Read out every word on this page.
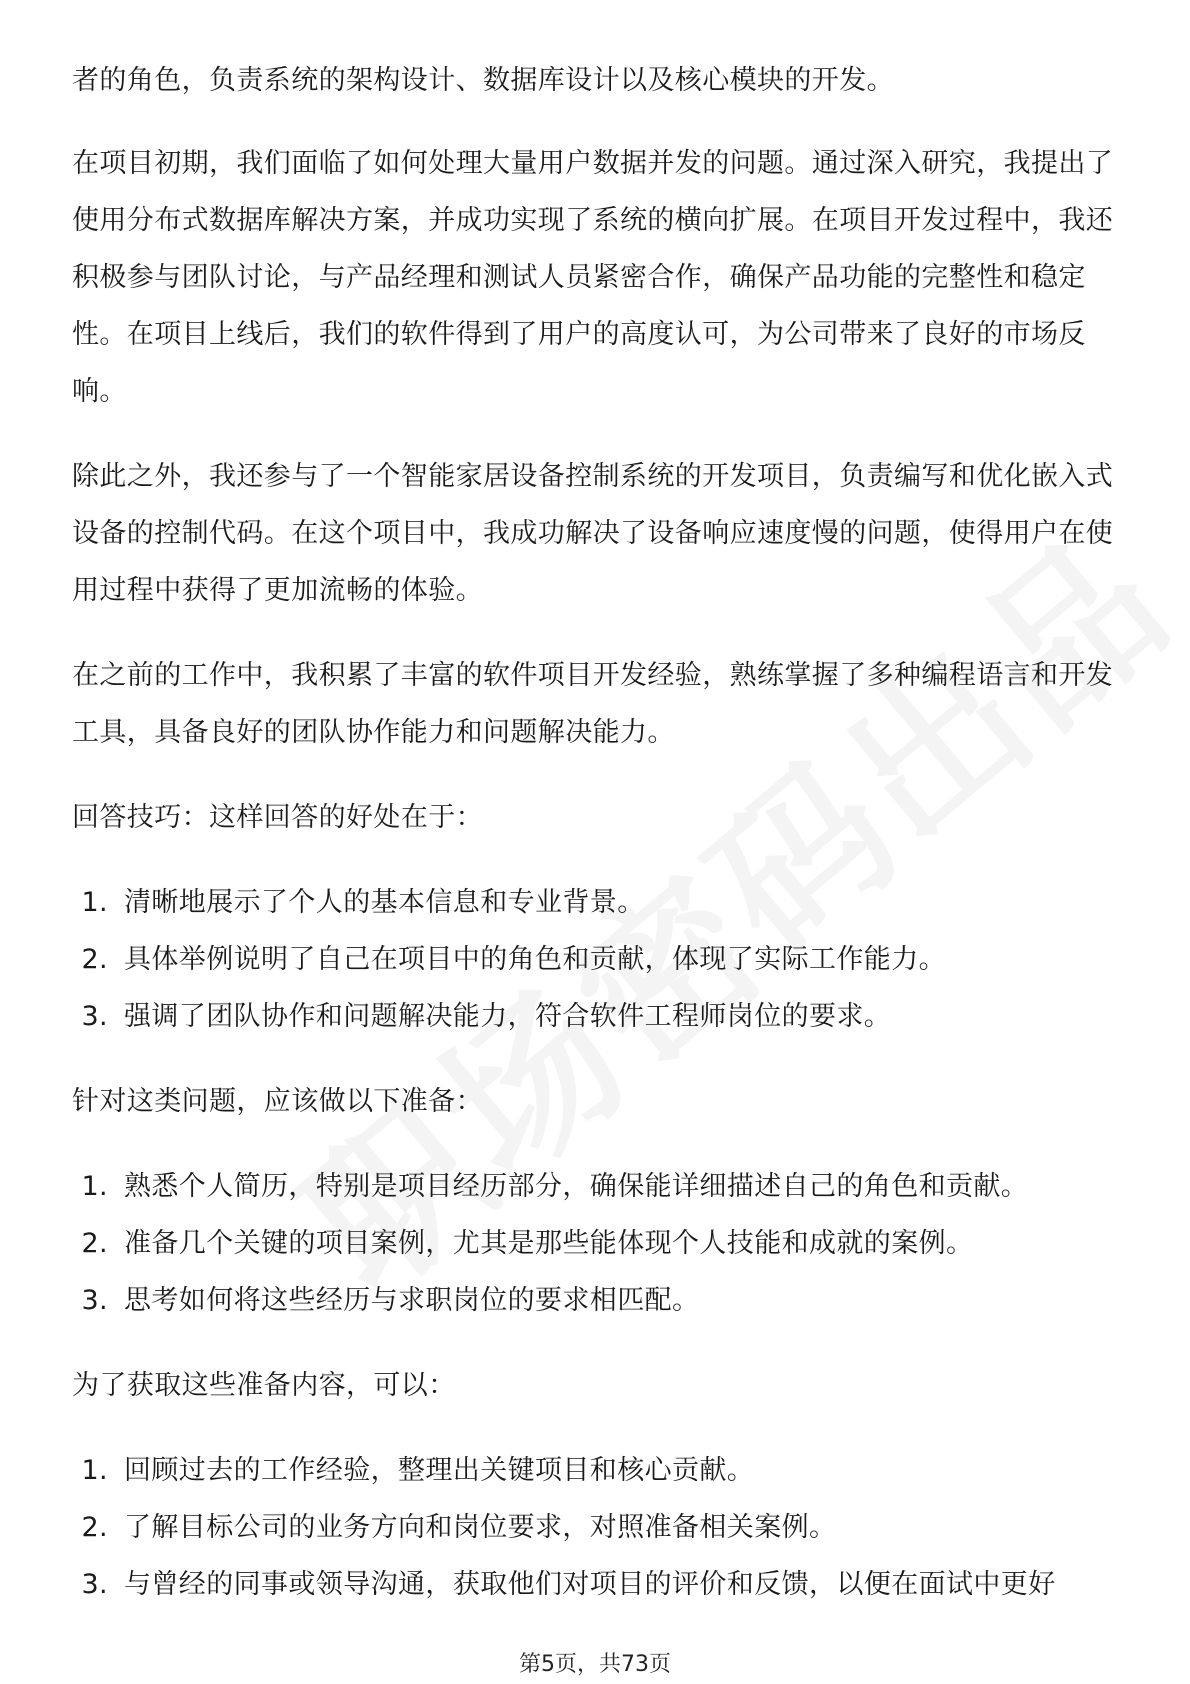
者的角色，负责系统的架构设计、数据库设计以及核心模块的开发。

在项目初期，我们面临了如何处理大量用户数据并发的问题。通过深入研究，我提出了使用分布式数据库解决方案，并成功实现了系统的横向扩展。在项目开发过程中，我还积极参与团队讨论，与产品经理和测试人员紧密合作，确保产品功能的完整性和稳定性。在项目上线后，我们的软件得到了用户的高度认可，为公司带来了良好的市场反响。

除此之外，我还参与了一个智能家居设备控制系统的开发项目，负责编写和优化嵌入式设备的控制代码。在这个项目中，我成功解决了设备响应速度慢的问题，使得用户在使用过程中获得了更加流畅的体验。

在之前的工作中，我积累了丰富的软件项目开发经验，熟练掌握了多种编程语言和开发工具，具备良好的团队协作能力和问题解决能力。

回答技巧：这样回答的好处在于：

1. 清晰地展示了个人的基本信息和专业背景。
2. 具体举例说明了自己在项目中的角色和贡献，体现了实际工作能力。
3. 强调了团队协作和问题解决能力，符合软件工程师岗位的要求。

针对这类问题，应该做以下准备：

1. 熟悉个人简历，特别是项目经历部分，确保能详细描述自己的角色和贡献。
2. 准备几个关键的项目案例，尤其是那些能体现个人技能和成就的案例。
3. 思考如何将这些经历与求职岗位的要求相匹配。

为了获取这些准备内容，可以：

1. 回顾过去的工作经验，整理出关键项目和核心贡献。
2. 了解目标公司的业务方向和岗位要求，对照准备相关案例。
3. 与曾经的同事或领导沟通，获取他们对项目的评价和反馈，以便在面试中更好
第5页，共73页
